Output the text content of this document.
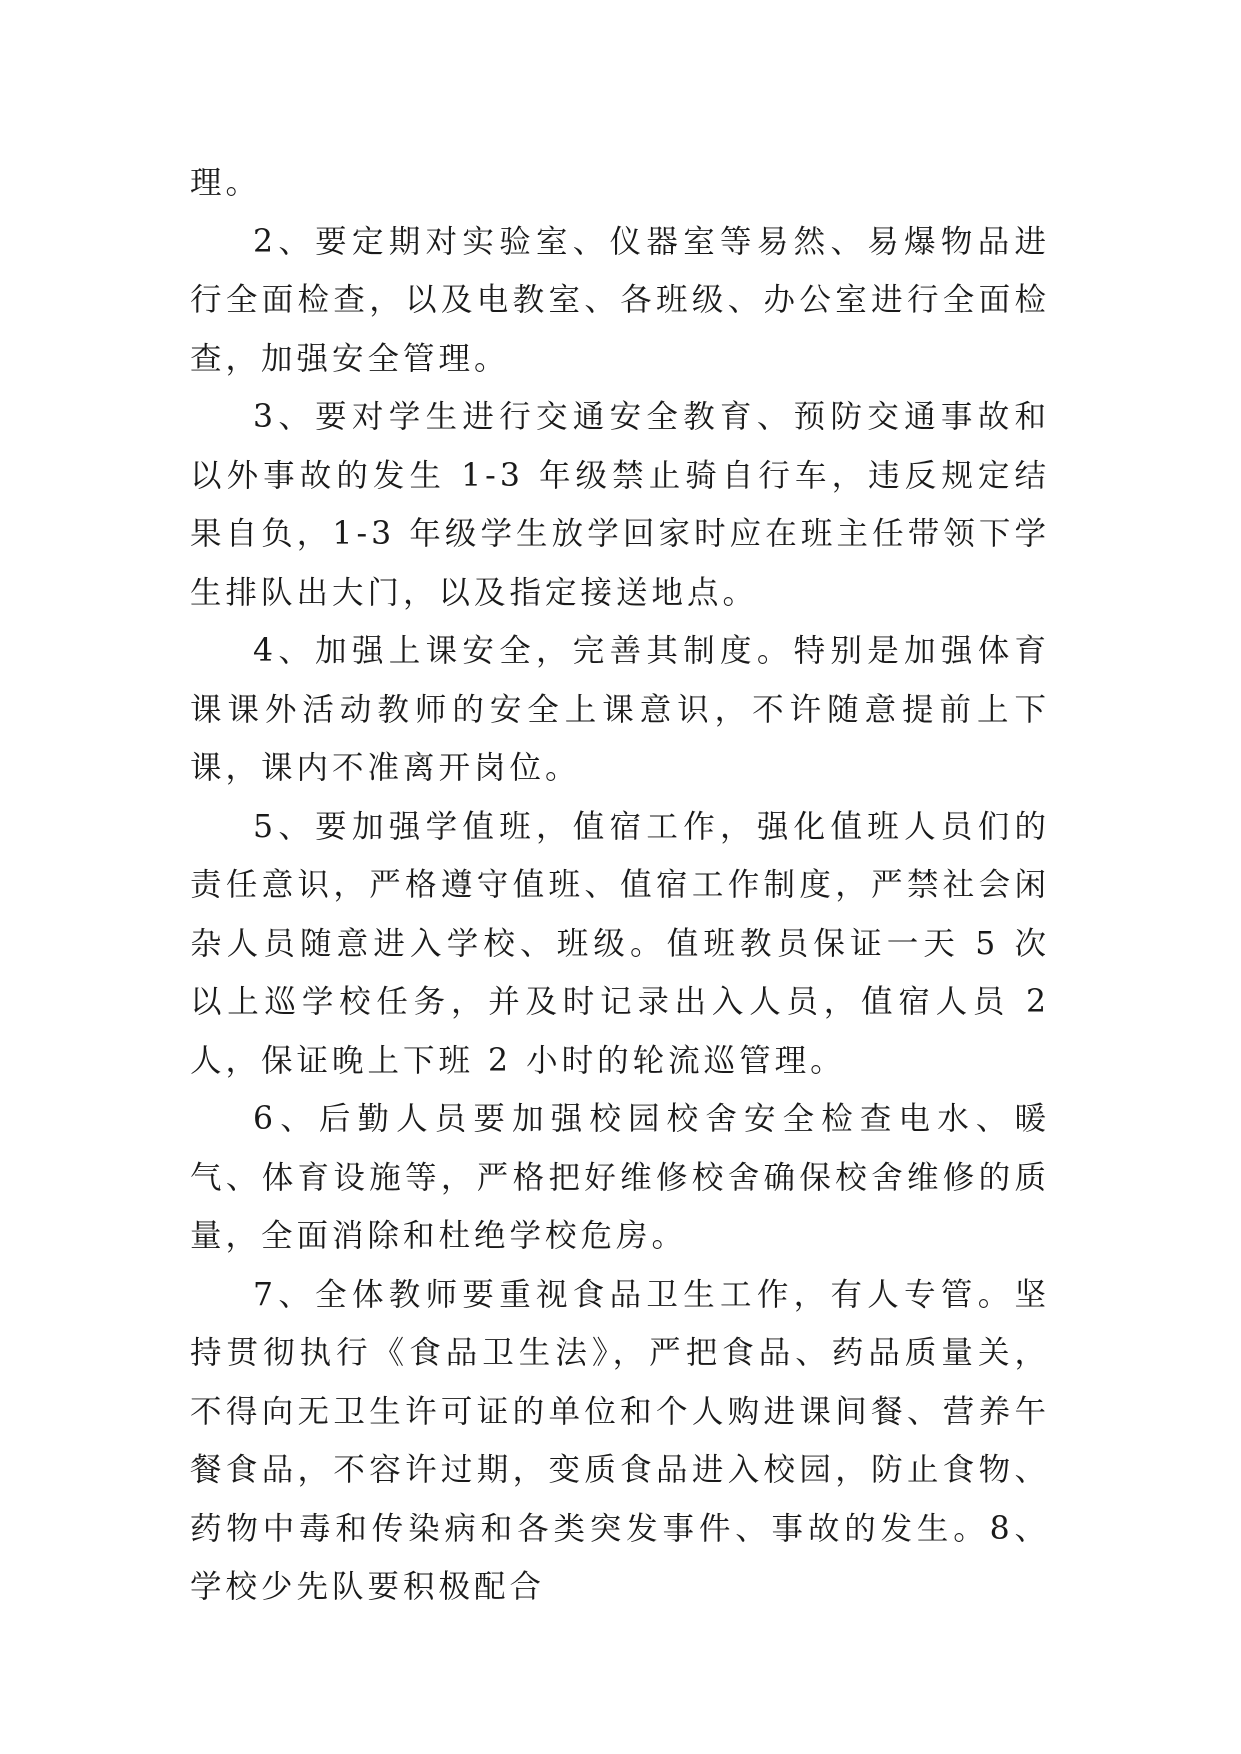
理。

2、要定期对实验室、仪器室等易然、易爆物品进行全面检查，以及电教室、各班级、办公室进行全面检查，加强安全管理。

3、要对学生进行交通安全教育、预防交通事故和以外事故的发生 1-3 年级禁止骑自行车，违反规定结果自负，1-3 年级学生放学回家时应在班主任带领下学生排队出大门，以及指定接送地点。

4、加强上课安全，完善其制度。特别是加强体育课课外活动教师的安全上课意识，不许随意提前上下课，课内不准离开岗位。

5、要加强学值班，值宿工作，强化值班人员们的责任意识，严格遵守值班、值宿工作制度，严禁社会闲杂人员随意进入学校、班级。值班教员保证一天 5 次以上巡学校任务，并及时记录出入人员，值宿人员 2 人，保证晚上下班 2 小时的轮流巡管理。

6、后勤人员要加强校园校舍安全检查电水、暖气、体育设施等，严格把好维修校舍确保校舍维修的质量，全面消除和杜绝学校危房。

7、全体教师要重视食品卫生工作，有人专管。坚持贯彻执行《食品卫生法》，严把食品、药品质量关，不得向无卫生许可证的单位和个人购进课间餐、营养午餐食品，不容许过期，变质食品进入校园，防止食物、药物中毒和传染病和各类突发事件、事故的发生。8、学校少先队要积极配合
